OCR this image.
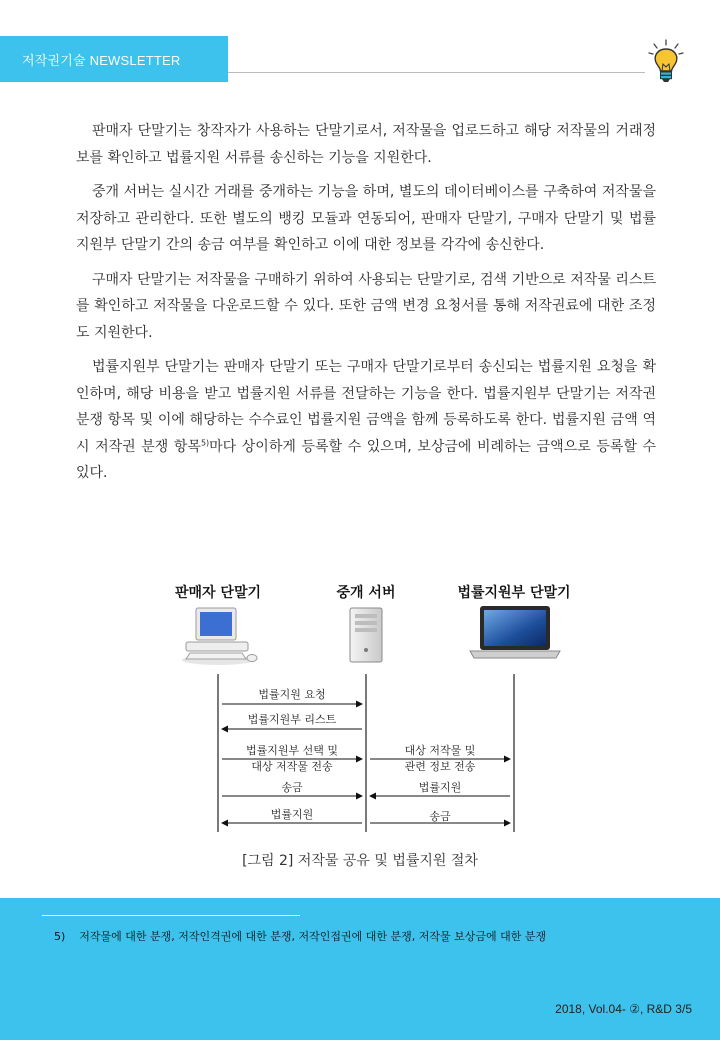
저작권기술 NEWSLETTER

판매자 단말기는 창작자가 사용하는 단말기로서, 저작물을 업로드하고 해당 저작물의 거래정보를 확인하고 법률지원 서류를 송신하는 기능을 지원한다.

중개 서버는 실시간 거래를 중개하는 기능을 하며, 별도의 데이터베이스를 구축하여 저작물을 저장하고 관리한다. 또한 별도의 뱅킹 모듈과 연동되어, 판매자 단말기, 구매자 단말기 및 법률지원부 단말기 간의 송금 여부를 확인하고 이에 대한 정보를 각각에 송신한다.

구매자 단말기는 저작물을 구매하기 위하여 사용되는 단말기로, 검색 기반으로 저작물 리스트를 확인하고 저작물을 다운로드할 수 있다. 또한 금액 변경 요청서를 통해 저작권료에 대한 조정도 지원한다.

법률지원부 단말기는 판매자 단말기 또는 구매자 단말기로부터 송신되는 법률지원 요청을 확인하며, 해당 비용을 받고 법률지원 서류를 전달하는 기능을 한다. 법률지원부 단말기는 저작권 분쟁 항목 및 이에 해당하는 수수료인 법률지원 금액을 함께 등록하도록 한다. 법률지원 금액 역시 저작권 분쟁 항목$^{5)}$마다 상이하게 등록할 수 있으며, 보상금에 비례하는 금액으로 등록할 수 있다.

판매자 단말기	중개 서버	법률지원부 단말기
법률지원 요청
법률지원부 리스트
법률지원부 선택 및
대상 저작물 전송
대상 저작물 및
관련 정보 전송
송금	법률지원
법률지원	송금
[그림 2] 저작물 공유 및 법률지원 절차
5) 저작물에 대한 분쟁, 저작인격권에 대한 분쟁, 저작인접권에 대한 분쟁, 저작물 보상금에 대한 분쟁
2018, Vol.04- ②, R&D 3/5
